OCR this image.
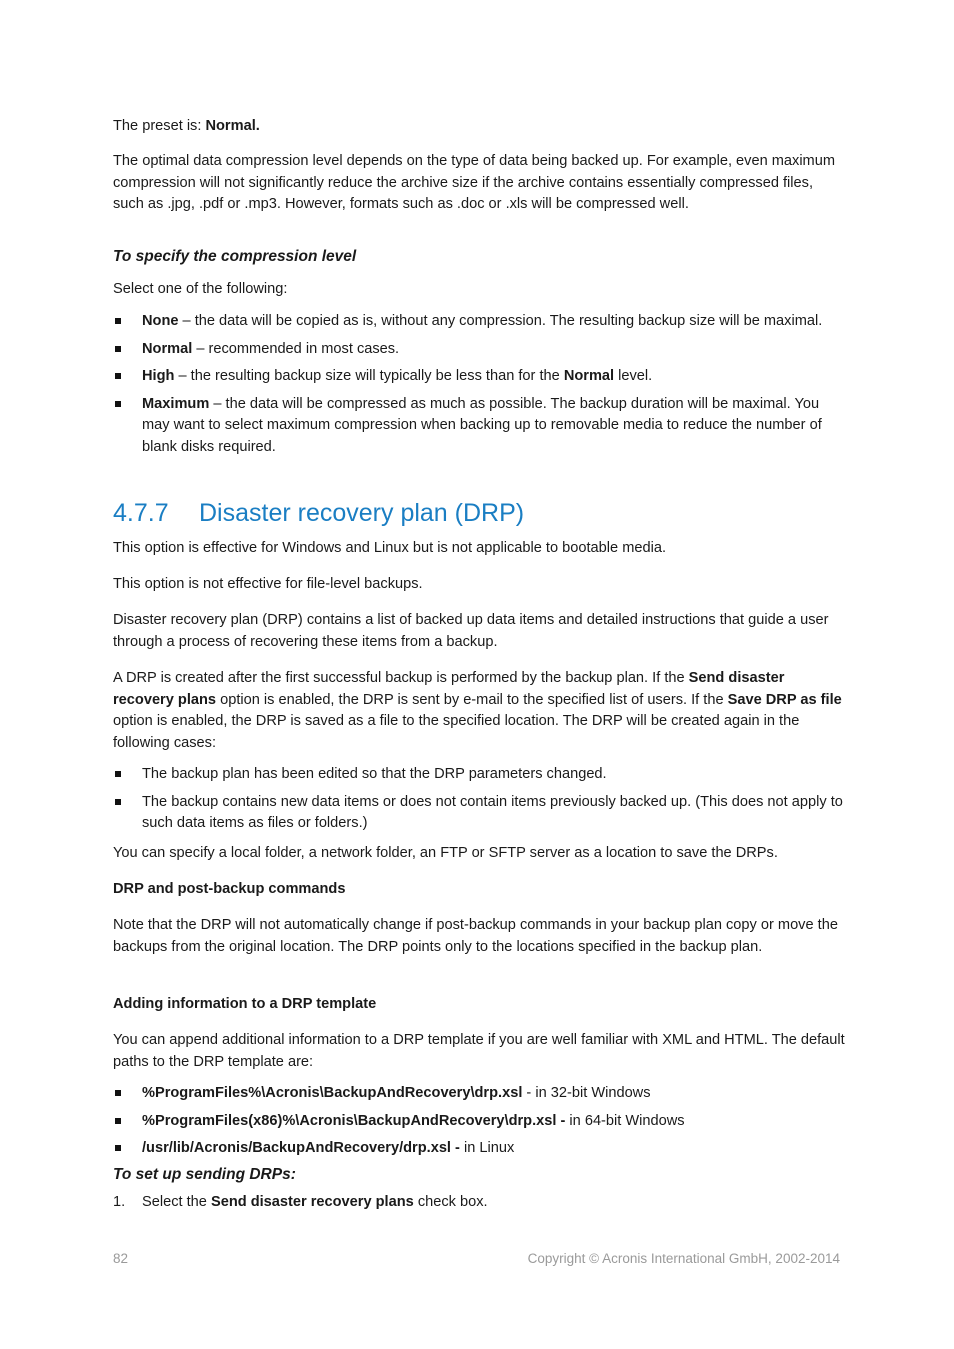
The preset is: Normal.

The optimal data compression level depends on the type of data being backed up. For example, even maximum compression will not significantly reduce the archive size if the archive contains essentially compressed files, such as .jpg, .pdf or .mp3. However, formats such as .doc or .xls will be compressed well.

To specify the compression level

Select one of the following:

None – the data will be copied as is, without any compression. The resulting backup size will be maximal.
Normal – recommended in most cases.
High – the resulting backup size will typically be less than for the Normal level.
Maximum – the data will be compressed as much as possible. The backup duration will be maximal. You may want to select maximum compression when backing up to removable media to reduce the number of blank disks required.
4.7.7 Disaster recovery plan (DRP)

This option is effective for Windows and Linux but is not applicable to bootable media.

This option is not effective for file-level backups.

Disaster recovery plan (DRP) contains a list of backed up data items and detailed instructions that guide a user through a process of recovering these items from a backup.

A DRP is created after the first successful backup is performed by the backup plan. If the Send disaster recovery plans option is enabled, the DRP is sent by e-mail to the specified list of users. If the Save DRP as file option is enabled, the DRP is saved as a file to the specified location. The DRP will be created again in the following cases:

The backup plan has been edited so that the DRP parameters changed.
The backup contains new data items or does not contain items previously backed up. (This does not apply to such data items as files or folders.)

You can specify a local folder, a network folder, an FTP or SFTP server as a location to save the DRPs.

DRP and post-backup commands

Note that the DRP will not automatically change if post-backup commands in your backup plan copy or move the backups from the original location. The DRP points only to the locations specified in the backup plan.

Adding information to a DRP template

You can append additional information to a DRP template if you are well familiar with XML and HTML. The default paths to the DRP template are:

%ProgramFiles%\Acronis\BackupAndRecovery\drp.xsl - in 32-bit Windows
%ProgramFiles(x86)%\Acronis\BackupAndRecovery\drp.xsl - in 64-bit Windows
/usr/lib/Acronis/BackupAndRecovery/drp.xsl - in Linux

To set up sending DRPs:

1. Select the Send disaster recovery plans check box.
82	Copyright © Acronis International GmbH, 2002-2014
